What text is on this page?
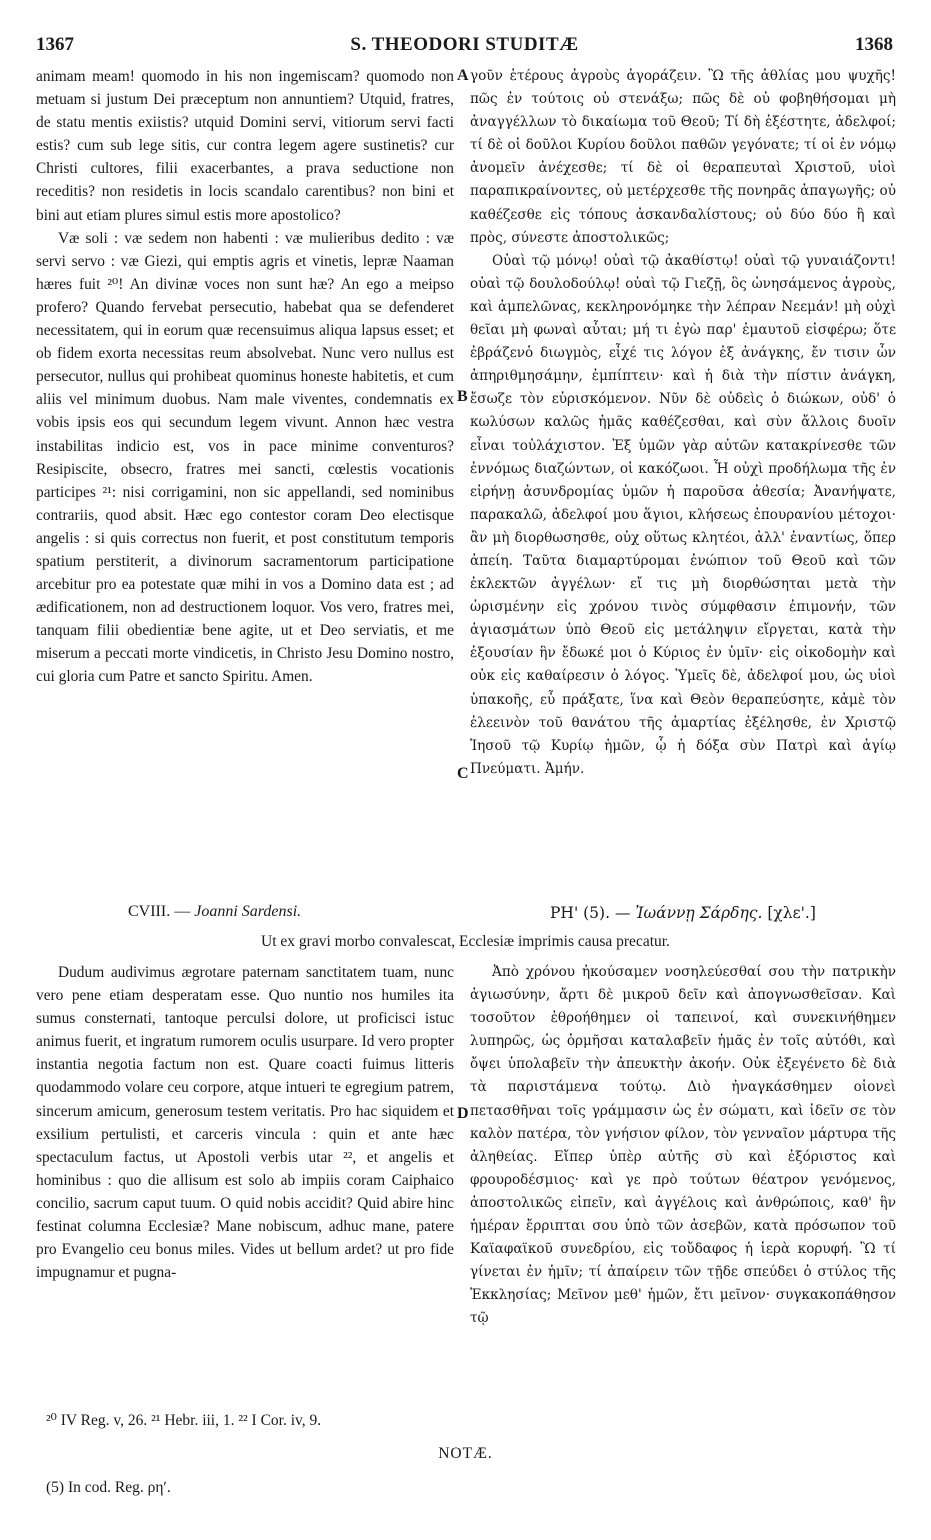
1367	S. THEODORI STUDITÆ	1368

animam meam! quomodo in his non ingemiscam? quomodo non metuam si justum Dei præceptum non annuntiem? Utquid, fratres, de statu mentis exiistis? utquid Domini servi, vitiorum servi facti estis? cum sub lege sitis, cur contra legem agere sustinetis? cur Christi cultores, filii exacerbantes, a prava seductione non receditis? non residetis in locis scandalo carentibus? non bini et bini aut etiam plures simul estis more apostolico?

Væ soli : væ sedem non habenti : væ mulieribus dedito : væ servi servo : væ Giezi, qui emptis agris et vinetis, lepræ Naaman hæres fuit ²⁰! An divinæ voces non sunt hæ? An ego a meipso profero? Quando fervebat persecutio, habebat qua se defenderet necessitatem, qui in eorum quæ recensuimus aliqua lapsus esset; et ob fidem exorta necessitas reum absolvebat. Nunc vero nullus est persecutor, nullus qui prohibeat quominus honeste habitetis, et cum aliis vel minimum duobus. Nam male viventes, condemnatis ex vobis ipsis eos qui secundum legem vivunt. Annon hæc vestra instabilitas indicio est, vos in pace minime conventuros? Resipiscite, obsecro, fratres mei sancti, cœlestis vocationis participes ²¹: nisi corrigamini, non sic appellandi, sed nominibus contrariis, quod absit. Hæc ego contestor coram Deo electisque angelis : si quis correctus non fuerit, et post constitutum temporis spatium perstiterit, a divinorum sacramentorum participatione arcebitur pro ea potestate quæ mihi in vos a Domino data est ; ad ædificationem, non ad destructionem loquor. Vos vero, fratres mei, tanquam filii obedientiæ bene agite, ut et Deo serviatis, et me miserum a peccati morte vindicetis, in Christo Jesu Domino nostro, cui gloria cum Patre et sancto Spiritu. Amen.

γοῦν ἑτέρους ἀγροὺς ἀγοράζειν. Ὢ τῆς ἀθλίας μου ψυχῆς! πῶς ἐν τούτοις οὐ στενάξω; πῶς δὲ οὐ φοβηθήσομαι μὴ ἀναγγέλλων τὸ δικαίωμα τοῦ Θεοῦ; Τί δὴ ἐξέστητε, ἀδελφοί; τί δὲ οἱ δοῦλοι Κυρίου δοῦλοι παθῶν γεγόνατε; τί οἱ ἐν νόμῳ ἀνομεῖν ἀνέχεσθε; τί δὲ οἱ θεραπευταὶ Χριστοῦ, υἱοὶ παραπικραίνοντες, οὐ μετέρχεσθε τῆς πονηρᾶς ἀπαγωγῆς; οὐ καθέζεσθε εἰς τόπους ἀσκανδαλίστους; οὐ δύο δύο ἢ καὶ πρὸς, σύνεστε ἀποστολικῶς;

Οὐαὶ τῷ μόνῳ! οὐαὶ τῷ ἀκαθίστῳ! οὐαὶ τῷ γυναιάζοντι! οὐαὶ τῷ δουλοδούλῳ! οὐαὶ τῷ Γιεζῇ, ὃς ὠνησάμενος ἀγροὺς, καὶ ἀμπελῶνας, κεκληρονόμηκε τὴν λέπραν Νεεμάν! μὴ οὐχὶ θεῖαι μὴ φωναὶ αὗται; μή τι ἐγὼ παρ' ἐμαυτοῦ εἰσφέρω; ὅτε ἐβράζενὁ διωγμὸς, εἶχέ τις λόγον ἐξ ἀνάγκης, ἔν τισιν ὧν ἀπηριθμησάμην, ἐμπίπτειν· καὶ ἡ διὰ τὴν πίστιν ἀνάγκη, ἔσωζε τὸν εὑρισκόμενον. Νῦν δὲ οὐδεὶς ὁ διώκων, οὐδ' ὁ κωλύσων καλῶς ἡμᾶς καθέζεσθαι, καὶ σὺν ἄλλοις δυοῖν εἶναι τοὐλάχιστον. Ἐξ ὑμῶν γὰρ αὐτῶν κατακρίνεσθε τῶν ἐννόμως διαζώντων, οἱ κακόζωοι. Ἦ οὐχὶ προδήλωμα τῆς ἐν εἰρήνῃ ἀσυνδρομίας ὑμῶν ἡ παροῦσα ἀθεσία; Ἀνανήψατε, παρακαλῶ, ἀδελφοί μου ἅγιοι, κλήσεως ἐπουρανίου μέτοχοι· ἂν μὴ διορθωσησθε, οὐχ οὕτως κλητέοι, ἀλλ' ἐναντίως, ὅπερ ἀπείη. Ταῦτα διαμαρτύρομαι ἐνώπιον τοῦ Θεοῦ καὶ τῶν ἐκλεκτῶν ἀγγέλων· εἴ τις μὴ διορθώσηται μετὰ τὴν ὡρισμένην εἰς χρόνου τινὸς σύμφθασιν ἐπιμονήν, τῶν ἁγιασμάτων ὑπὸ Θεοῦ εἰς μετάληψιν εἴργεται, κατὰ τὴν ἐξουσίαν ἣν ἔδωκέ μοι ὁ Κύριος ἐν ὑμῖν· εἰς οἰκοδομὴν καὶ οὐκ εἰς καθαίρεσιν ὁ λόγος. Ὑμεῖς δὲ, ἀδελφοί μου, ὡς υἱοὶ ὑπακοῆς, εὖ πράξατε, ἵνα καὶ Θεὸν θεραπεύσητε, κἀμὲ τὸν ἐλεεινὸν τοῦ θανάτου τῆς ἁμαρτίας ἐξέλησθε, ἐν Χριστῷ Ἰησοῦ τῷ Κυρίῳ ἡμῶν, ᾧ ἡ δόξα σὺν Πατρὶ καὶ ἁγίῳ Πνεύματι. Ἀμήν.

A
B
C
D
CVIII. — Joanni Sardensi.	ΡΗ' (5). — Ἰωάννῃ Σάρδης. [χλε'.]
Ut ex gravi morbo convalescat, Ecclesiæ imprimis causa precatur.

Dudum audivimus ægrotare paternam sanctitatem tuam, nunc vero pene etiam desperatam esse. Quo nuntio nos humiles ita sumus consternati, tantoque perculsi dolore, ut proficisci istuc animus fuerit, et ingratum rumorem oculis usurpare. Id vero propter instantia negotia factum non est. Quare coacti fuimus litteris quodammodo volare ceu corpore, atque intueri te egregium patrem, sincerum amicum, generosum testem veritatis. Pro hac siquidem et exsilium pertulisti, et carceris vincula : quin et ante hæc spectaculum factus, ut Apostoli verbis utar ²², et angelis et hominibus : quo die allisum est solo ab impiis coram Caiphaico concilio, sacrum caput tuum. O quid nobis accidit? Quid abire hinc festinat columna Ecclesiæ? Mane nobiscum, adhuc mane, patere pro Evangelio ceu bonus miles. Vides ut bellum ardet? ut pro fide impugnamur et pugna-

Ἀπὸ χρόνου ἠκούσαμεν νοσηλεύεσθαί σου τὴν πατρικὴν ἁγιωσύνην, ἄρτι δὲ μικροῦ δεῖν καὶ ἀπογνωσθεῖσαν. Καὶ τοσοῦτον ἐθροήθημεν οἱ ταπεινοί, καὶ συνεκινήθημεν λυπηρῶς, ὡς ὁρμῆσαι καταλαβεῖν ἡμᾶς ἐν τοῖς αὐτόθι, καὶ ὄψει ὑπολαβεῖν τὴν ἀπευκτὴν ἀκοήν. Οὐκ ἐξεγένετο δὲ διὰ τὰ παριστάμενα τούτῳ. Διὸ ἠναγκάσθημεν οἱονεὶ πετασθῆναι τοῖς γράμμασιν ὡς ἐν σώματι, καὶ ἰδεῖν σε τὸν καλὸν πατέρα, τὸν γνήσιον φίλον, τὸν γενναῖον μάρτυρα τῆς ἀληθείας. Εἴπερ ὑπὲρ αὐτῆς σὺ καὶ ἐξόριστος καὶ φρουροδέσμιος· καὶ γε πρὸ τούτων θέατρον γενόμενος, ἀποστολικῶς εἰπεῖν, καὶ ἀγγέλοις καὶ ἀνθρώποις, καθ' ἣν ἡμέραν ἔρριπται σου ὑπὸ τῶν ἀσεβῶν, κατὰ πρόσωπον τοῦ Καϊαφαϊκοῦ συνεδρίου, εἰς τοὔδαφος ἡ ἱερὰ κορυφή. Ὢ τί γίνεται ἐν ἡμῖν; τί ἀπαίρειν τῶν τῇδε σπεύδει ὁ στύλος τῆς Ἐκκλησίας; Μεῖνον μεθ' ἡμῶν, ἔτι μεῖνον· συγκακοπάθησον τῷ

²⁰ IV Reg. v, 26. ²¹ Hebr. iii, 1. ²² I Cor. iv, 9.
NOTÆ.
(5) In cod. Reg. ρηʹ.
